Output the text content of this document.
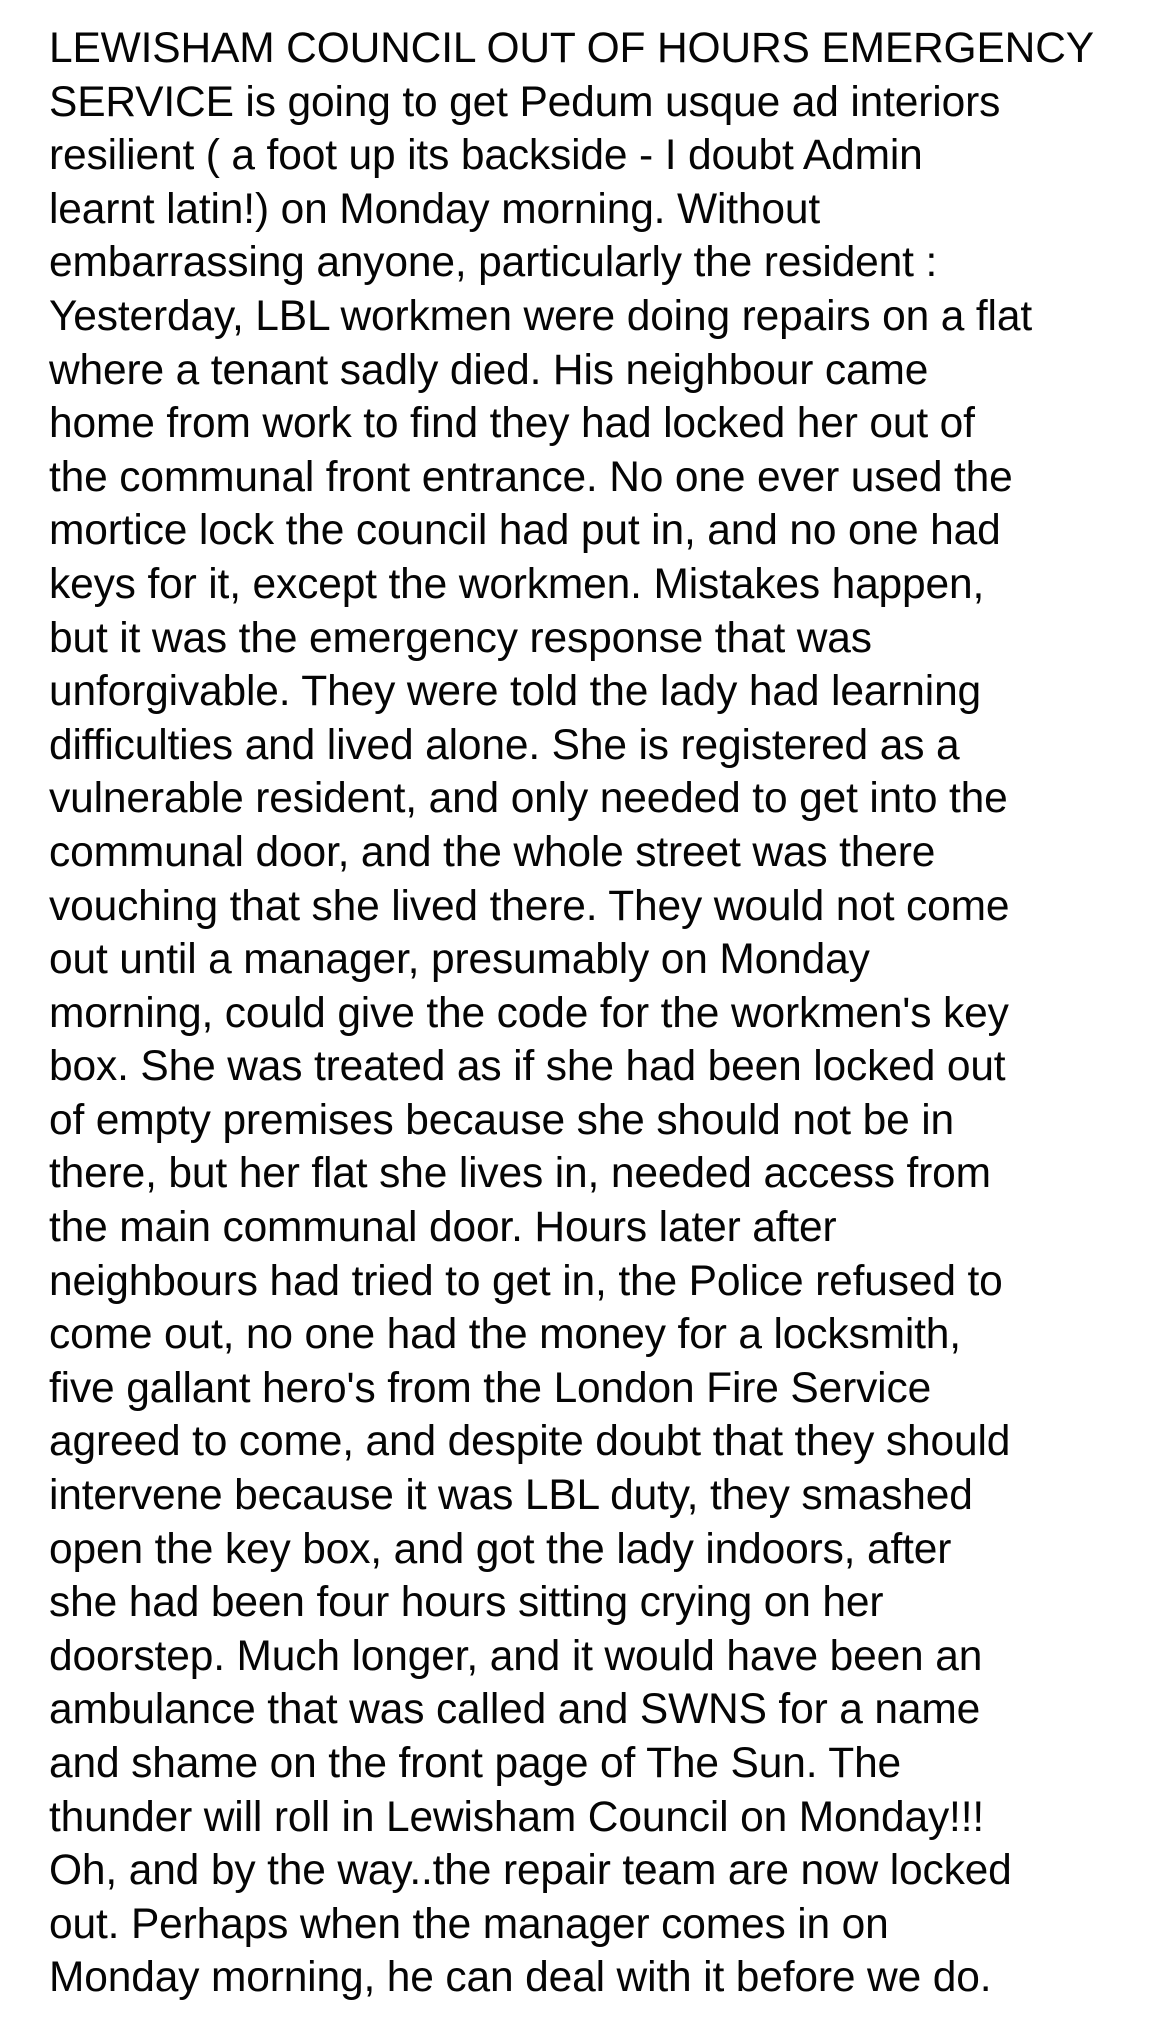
LEWISHAM COUNCIL OUT OF HOURS EMERGENCY
SERVICE is going to get Pedum usque ad interiors
resilient ( a foot up its backside - I doubt Admin
learnt latin!) on Monday morning. Without
embarrassing anyone, particularly the resident :
Yesterday, LBL workmen were doing repairs on a flat
where a tenant sadly died. His neighbour came
home from work to find they had locked her out of
the communal front entrance. No one ever used the
mortice lock the council had put in, and no one had
keys for it, except the workmen. Mistakes happen,
but it was the emergency response that was
unforgivable. They were told the lady had learning
difficulties and lived alone. She is registered as a
vulnerable resident, and only needed to get into the
communal door, and the whole street was there
vouching that she lived there. They would not come
out until a manager, presumably on Monday
morning, could give the code for the workmen's key
box. She was treated as if she had been locked out
of empty premises because she should not be in
there, but her flat she lives in, needed access from
the main communal door. Hours later after
neighbours had tried to get in, the Police refused to
come out, no one had the money for a locksmith,
five gallant hero's from the London Fire Service
agreed to come, and despite doubt that they should
intervene because it was LBL duty, they smashed
open the key box, and got the lady indoors, after
she had been four hours sitting crying on her
doorstep. Much longer, and it would have been an
ambulance that was called and SWNS for a name
and shame on the front page of The Sun. The
thunder will roll in Lewisham Council on Monday!!!
Oh, and by the way..the repair team are now locked
out. Perhaps when the manager comes in on
Monday morning, he can deal with it before we do.
